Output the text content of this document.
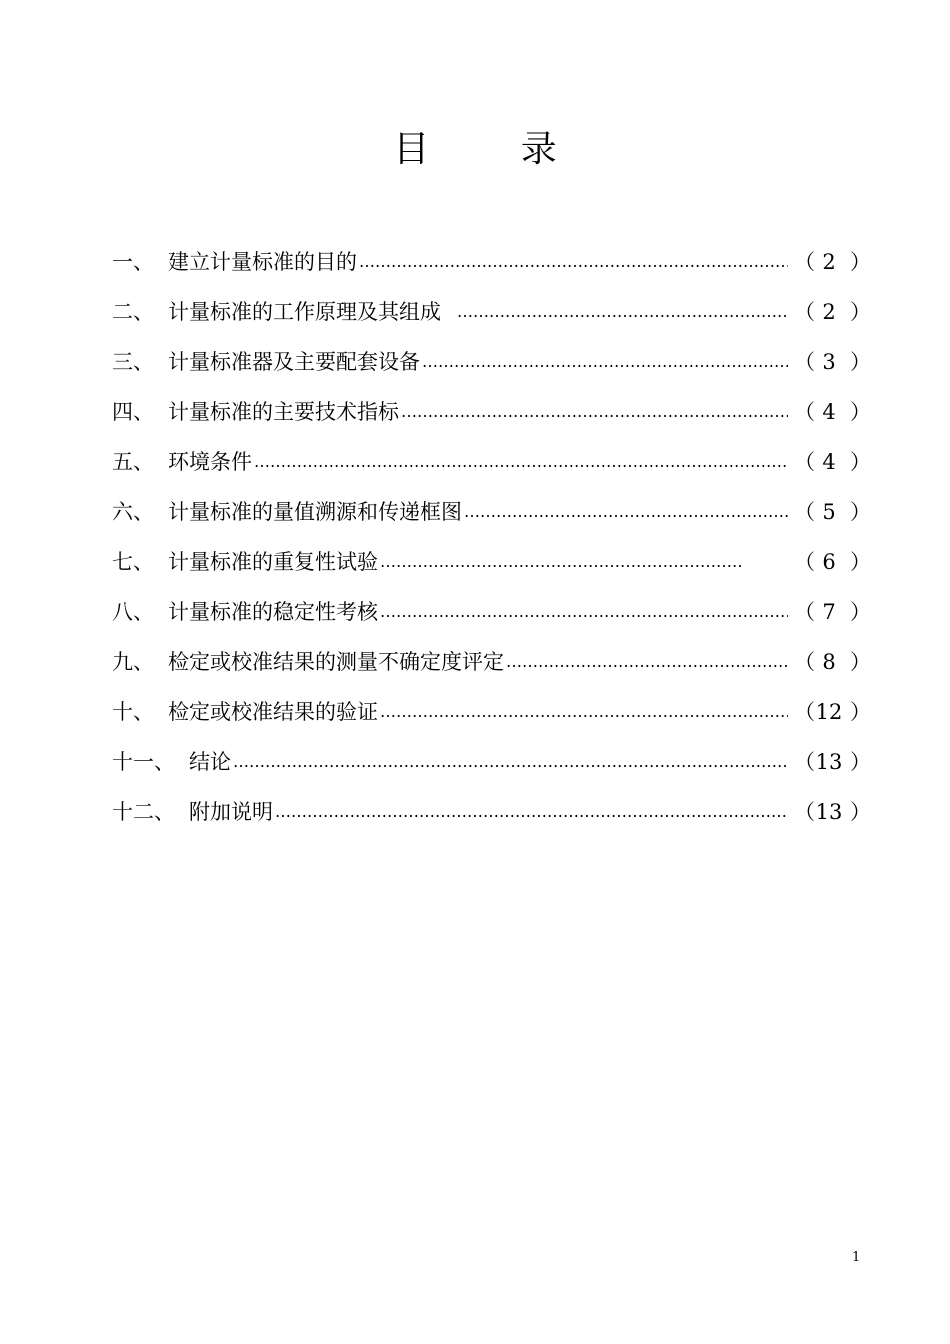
目        录
一 、 建立计量标准的目的 ……………………………………………………………………………………………………………………………………………………………………………………	（ 2 ）
二 、 计量标准的工作原理及其组成 ……………………………………………………………………………………………………………………………………………………………………………………	（ 2 ）
三 、 计量标准器及主要配套设备 ……………………………………………………………………………………………………………………………………………………………………………………	（ 3 ）
四 、 计量标准的主要技术指标 ……………………………………………………………………………………………………………………………………………………………………………………	（ 4 ）
五 、 环境条件 ……………………………………………………………………………………………………………………………………………………………………………………	（ 4 ）
六 、 计量标准的量值溯源和传递框图 ……………………………………………………………………………………………………………………………………………………………………………………	（ 5 ）
七 、 计量标准的重复性试验 ……………………………………………………………………………………………………………………………………………………………………………………	（ 6 ）
八 、 计量标准的稳定性考核 ……………………………………………………………………………………………………………………………………………………………………………………	（ 7 ）
九 、 检定或校准结果的测量不确定度评定 ……………………………………………………………………………………………………………………………………………………………………………………	（ 8 ）
十 、 检定或校准结果的验证 ……………………………………………………………………………………………………………………………………………………………………………………	（ 12 ）
十一 、 结论 ……………………………………………………………………………………………………………………………………………………………………………………	（ 13 ）
十二 、 附加说明 ……………………………………………………………………………………………………………………………………………………………………………………	（ 13 ）
1
